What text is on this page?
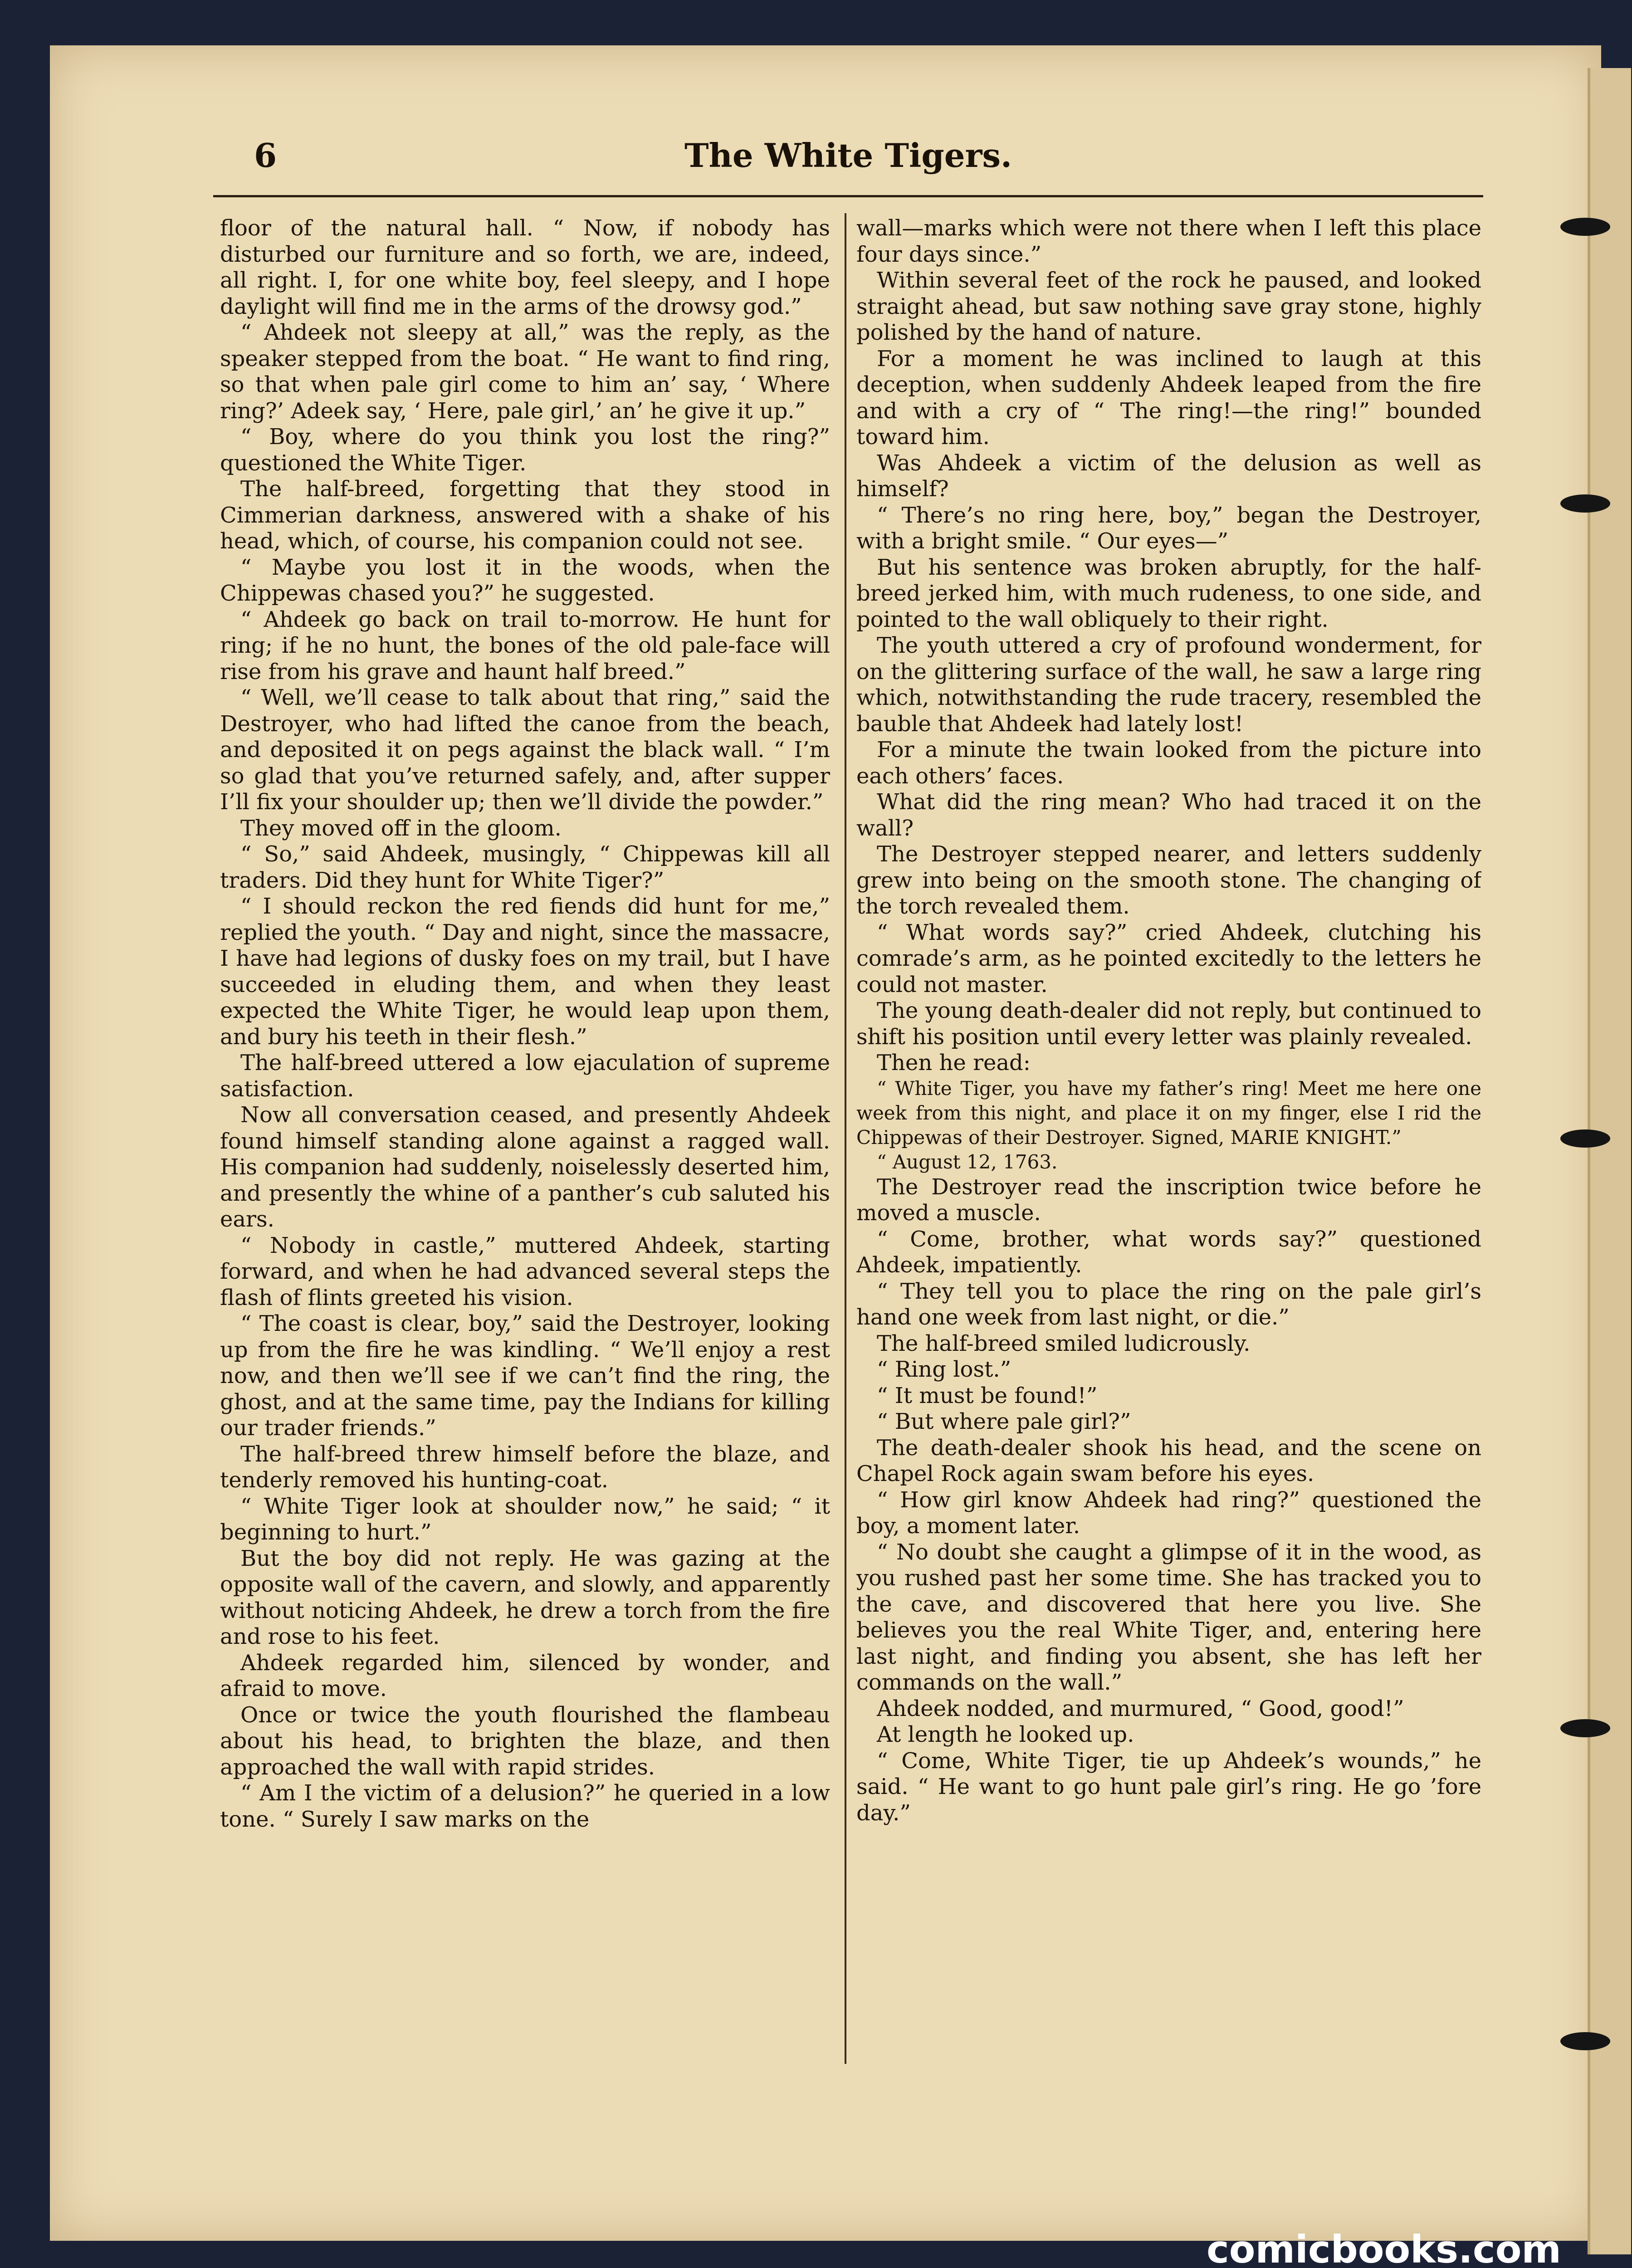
6	The White Tigers.

floor of the natural hall. “ Now, if nobody has disturbed our furniture and so forth, we are, indeed, all right. I, for one white boy, feel sleepy, and I hope daylight will find me in the arms of the drowsy god.”

“ Ahdeek not sleepy at all,” was the reply, as the speaker stepped from the boat. “ He want to find ring, so that when pale girl come to him an’ say, ‘ Where ring?’ Adeek say, ‘ Here, pale girl,’ an’ he give it up.”

“ Boy, where do you think you lost the ring?” questioned the White Tiger.

The half-breed, forgetting that they stood in Cimmerian darkness, answered with a shake of his head, which, of course, his companion could not see.

“ Maybe you lost it in the woods, when the Chippewas chased you?” he suggested.

“ Ahdeek go back on trail to-morrow. He hunt for ring; if he no hunt, the bones of the old pale-face will rise from his grave and haunt half breed.”

“ Well, we’ll cease to talk about that ring,” said the Destroyer, who had lifted the canoe from the beach, and deposited it on pegs against the black wall. “ I’m so glad that you’ve returned safely, and, after supper I’ll fix your shoulder up; then we’ll divide the powder.”

They moved off in the gloom.

“ So,” said Ahdeek, musingly, “ Chippewas kill all traders. Did they hunt for White Tiger?”

“ I should reckon the red fiends did hunt for me,” replied the youth. “ Day and night, since the massacre, I have had legions of dusky foes on my trail, but I have succeeded in eluding them, and when they least expected the White Tiger, he would leap upon them, and bury his teeth in their flesh.”

The half-breed uttered a low ejaculation of supreme satisfaction.

Now all conversation ceased, and presently Ahdeek found himself standing alone against a ragged wall. His companion had suddenly, noiselessly deserted him, and presently the whine of a panther’s cub saluted his ears.

“ Nobody in castle,” muttered Ahdeek, starting forward, and when he had advanced several steps the flash of flints greeted his vision.

“ The coast is clear, boy,” said the Destroyer, looking up from the fire he was kindling. “ We’ll enjoy a rest now, and then we’ll see if we can’t find the ring, the ghost, and at the same time, pay the Indians for killing our trader friends.”

The half-breed threw himself before the blaze, and tenderly removed his hunting-coat.

“ White Tiger look at shoulder now,” he said; “ it beginning to hurt.”

But the boy did not reply. He was gazing at the opposite wall of the cavern, and slowly, and apparently without noticing Ahdeek, he drew a torch from the fire and rose to his feet.

Ahdeek regarded him, silenced by wonder, and afraid to move.

Once or twice the youth flourished the flambeau about his head, to brighten the blaze, and then approached the wall with rapid strides.

“ Am I the victim of a delusion?” he queried in a low tone. “ Surely I saw marks on the

wall—marks which were not there when I left this place four days since.”

Within several feet of the rock he paused, and looked straight ahead, but saw nothing save gray stone, highly polished by the hand of nature.

For a moment he was inclined to laugh at this deception, when suddenly Ahdeek leaped from the fire and with a cry of “ The ring!—the ring!” bounded toward him.

Was Ahdeek a victim of the delusion as well as himself?

“ There’s no ring here, boy,” began the Destroyer, with a bright smile. “ Our eyes—”

But his sentence was broken abruptly, for the half-breed jerked him, with much rudeness, to one side, and pointed to the wall obliquely to their right.

The youth uttered a cry of profound wonderment, for on the glittering surface of the wall, he saw a large ring which, notwithstanding the rude tracery, resembled the bauble that Ahdeek had lately lost!

For a minute the twain looked from the picture into each others’ faces.

What did the ring mean? Who had traced it on the wall?

The Destroyer stepped nearer, and letters suddenly grew into being on the smooth stone. The changing of the torch revealed them.

“ What words say?” cried Ahdeek, clutching his comrade’s arm, as he pointed excitedly to the letters he could not master.

The young death-dealer did not reply, but continued to shift his position until every letter was plainly revealed.

Then he read:

“ White Tiger, you have my father’s ring! Meet me here one week from this night, and place it on my finger, else I rid the Chippewas of their Destroyer. Signed, MARIE KNIGHT.”

“ August 12, 1763.

The Destroyer read the inscription twice before he moved a muscle.

“ Come, brother, what words say?” questioned Ahdeek, impatiently.

“ They tell you to place the ring on the pale girl’s hand one week from last night, or die.”

The half-breed smiled ludicrously.

“ Ring lost.”

“ It must be found!”

“ But where pale girl?”

The death-dealer shook his head, and the scene on Chapel Rock again swam before his eyes.

“ How girl know Ahdeek had ring?” questioned the boy, a moment later.

“ No doubt she caught a glimpse of it in the wood, as you rushed past her some time. She has tracked you to the cave, and discovered that here you live. She believes you the real White Tiger, and, entering here last night, and finding you absent, she has left her commands on the wall.”

Ahdeek nodded, and murmured, “ Good, good!”

At length he looked up.

“ Come, White Tiger, tie up Ahdeek’s wounds,” he said. “ He want to go hunt pale girl’s ring. He go ’fore day.”

comicbooks.com
